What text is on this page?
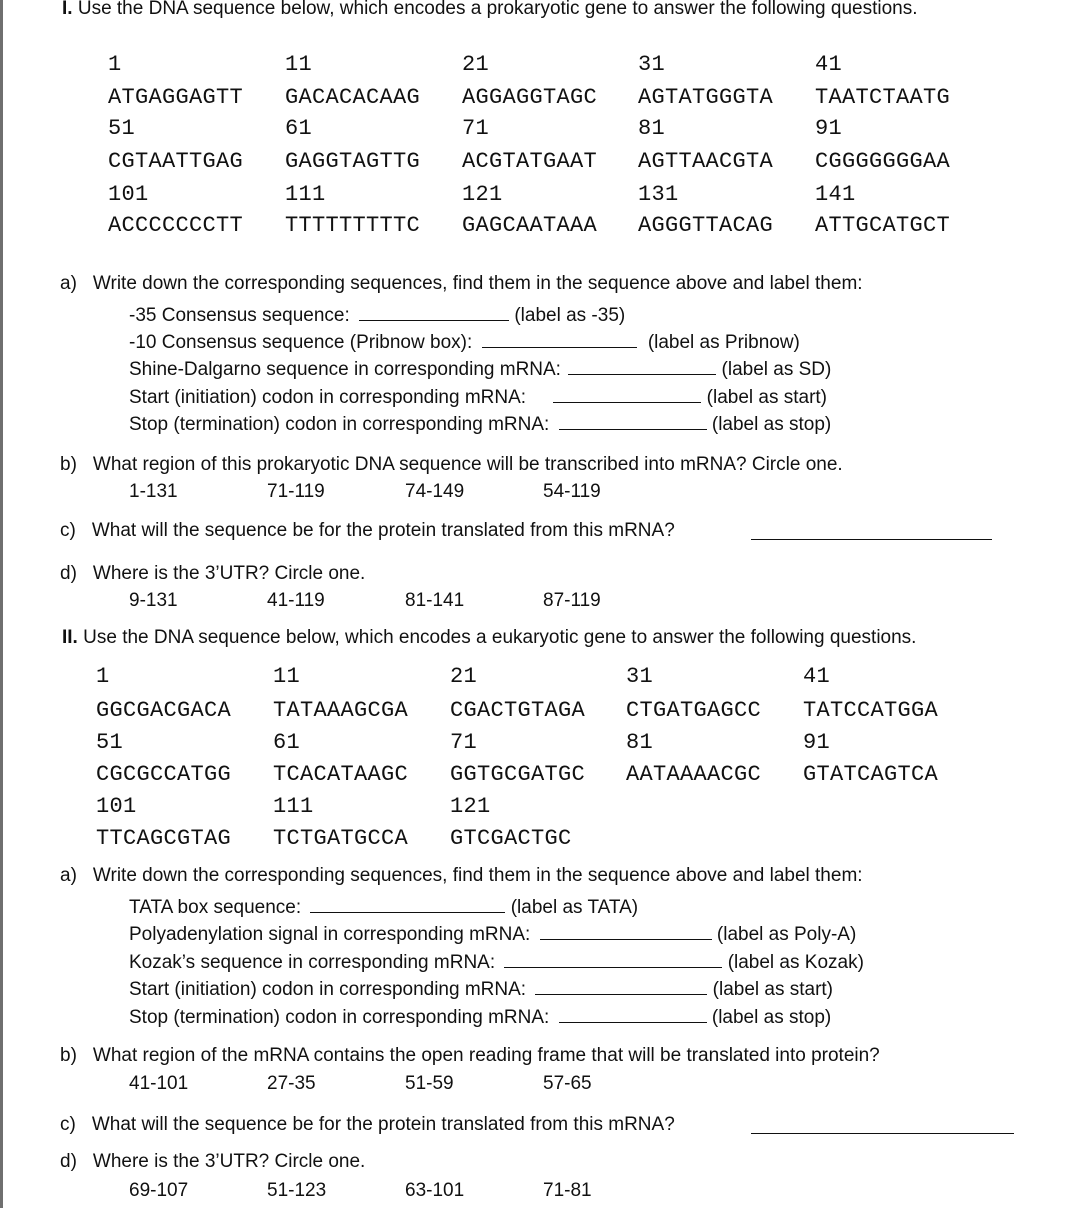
I. Use the DNA sequence below, which encodes a prokaryotic gene to answer the following questions.
1	11	21	31	41
ATGAGGAGTT GACACACAAG AGGAGGTAGC AGTATGGGTA TAATCTAATG
51	61	71	81	91
CGTAATTGAG GAGGTAGTTG ACGTATGAAT AGTTAACGTA CGGGGGGGAA
101	111	121	131	141
ACCCCCCCTT TTTTTTTTTC GAGCAATAAA AGGGTTACAG ATTGCATGCT
a) Write down the corresponding sequences, find them in the sequence above and label them:
-35 Consensus sequence:	(label as -35)
-10 Consensus sequence (Pribnow box):	(label as Pribnow)
Shine-Dalgarno sequence in corresponding mRNA:	(label as SD)
Start (initiation) codon in corresponding mRNA:	(label as start)
Stop (termination) codon in corresponding mRNA:	(label as stop)
b) What region of this prokaryotic DNA sequence will be transcribed into mRNA? Circle one.
1-131	71-119	74-149	54-119
c) What will the sequence be for the protein translated from this mRNA?
d) Where is the 3’UTR? Circle one.
9-131	41-119	81-141	87-119
II. Use the DNA sequence below, which encodes a eukaryotic gene to answer the following questions.
1	11	21	31	41
GGCGACGACA TATAAAGCGA CGACTGTAGA CTGATGAGCC TATCCATGGA
51	61	71	81	91
CGCGCCATGG TCACATAAGC GGTGCGATGC AATAAAACGC GTATCAGTCA
101	111	121
TTCAGCGTAG TCTGATGCCA GTCGACTGC
a) Write down the corresponding sequences, find them in the sequence above and label them:
TATA box sequence:	(label as TATA)
Polyadenylation signal in corresponding mRNA:	(label as Poly-A)
Kozak’s sequence in corresponding mRNA:	(label as Kozak)
Start (initiation) codon in corresponding mRNA:	(label as start)
Stop (termination) codon in corresponding mRNA:	(label as stop)
b) What region of the mRNA contains the open reading frame that will be translated into protein?
41-101	27-35	51-59	57-65
c) What will the sequence be for the protein translated from this mRNA?
d) Where is the 3’UTR? Circle one.
69-107	51-123	63-101	71-81
